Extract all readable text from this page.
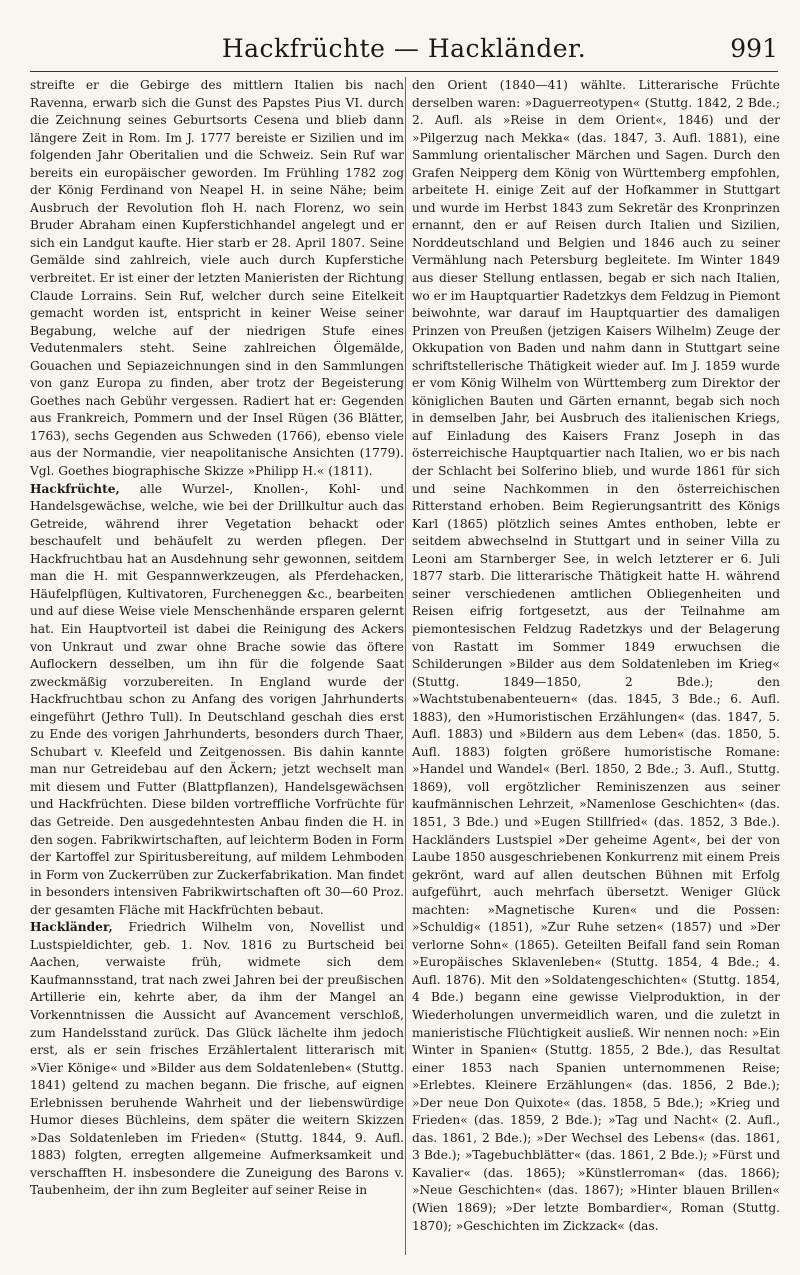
Hackfrüchte — Hackländer.	991

streifte er die Gebirge des mittlern Italien bis nach Ravenna, erwarb sich die Gunst des Papstes Pius VI. durch die Zeichnung seines Geburtsorts Cesena und blieb dann längere Zeit in Rom. Im J. 1777 bereiste er Sizilien und im folgenden Jahr Oberitalien und die Schweiz. Sein Ruf war bereits ein europäischer geworden. Im Frühling 1782 zog der König Ferdinand von Neapel H. in seine Nähe; beim Ausbruch der Revolution floh H. nach Florenz, wo sein Bruder Abraham einen Kupferstichhandel angelegt und er sich ein Landgut kaufte. Hier starb er 28. April 1807. Seine Gemälde sind zahlreich, viele auch durch Kupferstiche verbreitet. Er ist einer der letzten Manieristen der Richtung Claude Lorrains. Sein Ruf, welcher durch seine Eitelkeit gemacht worden ist, entspricht in keiner Weise seiner Begabung, welche auf der niedrigen Stufe eines Vedutenmalers steht. Seine zahlreichen Ölgemälde, Gouachen und Sepiazeichnungen sind in den Sammlungen von ganz Europa zu finden, aber trotz der Begeisterung Goethes nach Gebühr vergessen. Radiert hat er: Gegenden aus Frankreich, Pommern und der Insel Rügen (36 Blätter, 1763), sechs Gegenden aus Schweden (1766), ebenso viele aus der Normandie, vier neapolitanische Ansichten (1779). Vgl. Goethes biographische Skizze »Philipp H.« (1811).

Hackfrüchte, alle Wurzel-, Knollen-, Kohl- und Handelsgewächse, welche, wie bei der Drillkultur auch das Getreide, während ihrer Vegetation behackt oder beschaufelt und behäufelt zu werden pflegen. Der Hackfruchtbau hat an Ausdehnung sehr gewonnen, seitdem man die H. mit Gespannwerkzeugen, als Pferdehacken, Häufelpflügen, Kultivatoren, Furcheneggen &c., bearbeiten und auf diese Weise viele Menschenhände ersparen gelernt hat. Ein Hauptvorteil ist dabei die Reinigung des Ackers von Unkraut und zwar ohne Brache sowie das öftere Auflockern desselben, um ihn für die folgende Saat zweckmäßig vorzubereiten. In England wurde der Hackfruchtbau schon zu Anfang des vorigen Jahrhunderts eingeführt (Jethro Tull). In Deutschland geschah dies erst zu Ende des vorigen Jahrhunderts, besonders durch Thaer, Schubart v. Kleefeld und Zeitgenossen. Bis dahin kannte man nur Getreidebau auf den Äckern; jetzt wechselt man mit diesem und Futter (Blattpflanzen), Handelsgewächsen und Hackfrüchten. Diese bilden vortreffliche Vorfrüchte für das Getreide. Den ausgedehntesten Anbau finden die H. in den sogen. Fabrikwirtschaften, auf leichterm Boden in Form der Kartoffel zur Spiritusbereitung, auf mildem Lehmboden in Form von Zuckerrüben zur Zuckerfabrikation. Man findet in besonders intensiven Fabrikwirtschaften oft 30—60 Proz. der gesamten Fläche mit Hackfrüchten bebaut.

Hackländer, Friedrich Wilhelm von, Novellist und Lustspieldichter, geb. 1. Nov. 1816 zu Burtscheid bei Aachen, verwaiste früh, widmete sich dem Kaufmannsstand, trat nach zwei Jahren bei der preußischen Artillerie ein, kehrte aber, da ihm der Mangel an Vorkenntnissen die Aussicht auf Avancement verschloß, zum Handelsstand zurück. Das Glück lächelte ihm jedoch erst, als er sein frisches Erzählertalent litterarisch mit »Vier Könige« und »Bilder aus dem Soldatenleben« (Stuttg. 1841) geltend zu machen begann. Die frische, auf eignen Erlebnissen beruhende Wahrheit und der liebenswürdige Humor dieses Büchleins, dem später die weitern Skizzen »Das Soldatenleben im Frieden« (Stuttg. 1844, 9. Aufl. 1883) folgten, erregten allgemeine Aufmerksamkeit und verschafften H. insbesondere die Zuneigung des Barons v. Taubenheim, der ihn zum Begleiter auf seiner Reise in

den Orient (1840—41) wählte. Litterarische Früchte derselben waren: »Daguerreotypen« (Stuttg. 1842, 2 Bde.; 2. Aufl. als »Reise in dem Orient«, 1846) und der »Pilgerzug nach Mekka« (das. 1847, 3. Aufl. 1881), eine Sammlung orientalischer Märchen und Sagen. Durch den Grafen Neipperg dem König von Württemberg empfohlen, arbeitete H. einige Zeit auf der Hofkammer in Stuttgart und wurde im Herbst 1843 zum Sekretär des Kronprinzen ernannt, den er auf Reisen durch Italien und Sizilien, Norddeutschland und Belgien und 1846 auch zu seiner Vermählung nach Petersburg begleitete. Im Winter 1849 aus dieser Stellung entlassen, begab er sich nach Italien, wo er im Hauptquartier Radetzkys dem Feldzug in Piemont beiwohnte, war darauf im Hauptquartier des damaligen Prinzen von Preußen (jetzigen Kaisers Wilhelm) Zeuge der Okkupation von Baden und nahm dann in Stuttgart seine schriftstellerische Thätigkeit wieder auf. Im J. 1859 wurde er vom König Wilhelm von Württemberg zum Direktor der königlichen Bauten und Gärten ernannt, begab sich noch in demselben Jahr, bei Ausbruch des italienischen Kriegs, auf Einladung des Kaisers Franz Joseph in das österreichische Hauptquartier nach Italien, wo er bis nach der Schlacht bei Solferino blieb, und wurde 1861 für sich und seine Nachkommen in den österreichischen Ritterstand erhoben. Beim Regierungsantritt des Königs Karl (1865) plötzlich seines Amtes enthoben, lebte er seitdem abwechselnd in Stuttgart und in seiner Villa zu Leoni am Starnberger See, in welch letzterer er 6. Juli 1877 starb. Die litterarische Thätigkeit hatte H. während seiner verschiedenen amtlichen Obliegenheiten und Reisen eifrig fortgesetzt, aus der Teilnahme am piemontesischen Feldzug Radetzkys und der Belagerung von Rastatt im Sommer 1849 erwuchsen die Schilderungen »Bilder aus dem Soldatenleben im Krieg« (Stuttg. 1849—1850, 2 Bde.); den »Wachtstubenabenteuern« (das. 1845, 3 Bde.; 6. Aufl. 1883), den »Humoristischen Erzählungen« (das. 1847, 5. Aufl. 1883) und »Bildern aus dem Leben« (das. 1850, 5. Aufl. 1883) folgten größere humoristische Romane: »Handel und Wandel« (Berl. 1850, 2 Bde.; 3. Aufl., Stuttg. 1869), voll ergötzlicher Reminiszenzen aus seiner kaufmännischen Lehrzeit, »Namenlose Geschichten« (das. 1851, 3 Bde.) und »Eugen Stillfried« (das. 1852, 3 Bde.). Hackländers Lustspiel »Der geheime Agent«, bei der von Laube 1850 ausgeschriebenen Konkurrenz mit einem Preis gekrönt, ward auf allen deutschen Bühnen mit Erfolg aufgeführt, auch mehrfach übersetzt. Weniger Glück machten: »Magnetische Kuren« und die Possen: »Schuldig« (1851), »Zur Ruhe setzen« (1857) und »Der verlorne Sohn« (1865). Geteilten Beifall fand sein Roman »Europäisches Sklavenleben« (Stuttg. 1854, 4 Bde.; 4. Aufl. 1876). Mit den »Soldatengeschichten« (Stuttg. 1854, 4 Bde.) begann eine gewisse Vielproduktion, in der Wiederholungen unvermeidlich waren, und die zuletzt in manieristische Flüchtigkeit ausließ. Wir nennen noch: »Ein Winter in Spanien« (Stuttg. 1855, 2 Bde.), das Resultat einer 1853 nach Spanien unternommenen Reise; »Erlebtes. Kleinere Erzählungen« (das. 1856, 2 Bde.); »Der neue Don Quixote« (das. 1858, 5 Bde.); »Krieg und Frieden« (das. 1859, 2 Bde.); »Tag und Nacht« (2. Aufl., das. 1861, 2 Bde.); »Der Wechsel des Lebens« (das. 1861, 3 Bde.); »Tagebuchblätter« (das. 1861, 2 Bde.); »Fürst und Kavalier« (das. 1865); »Künstlerroman« (das. 1866); »Neue Geschichten« (das. 1867); »Hinter blauen Brillen« (Wien 1869); »Der letzte Bombardier«, Roman (Stuttg. 1870); »Geschichten im Zickzack« (das.
